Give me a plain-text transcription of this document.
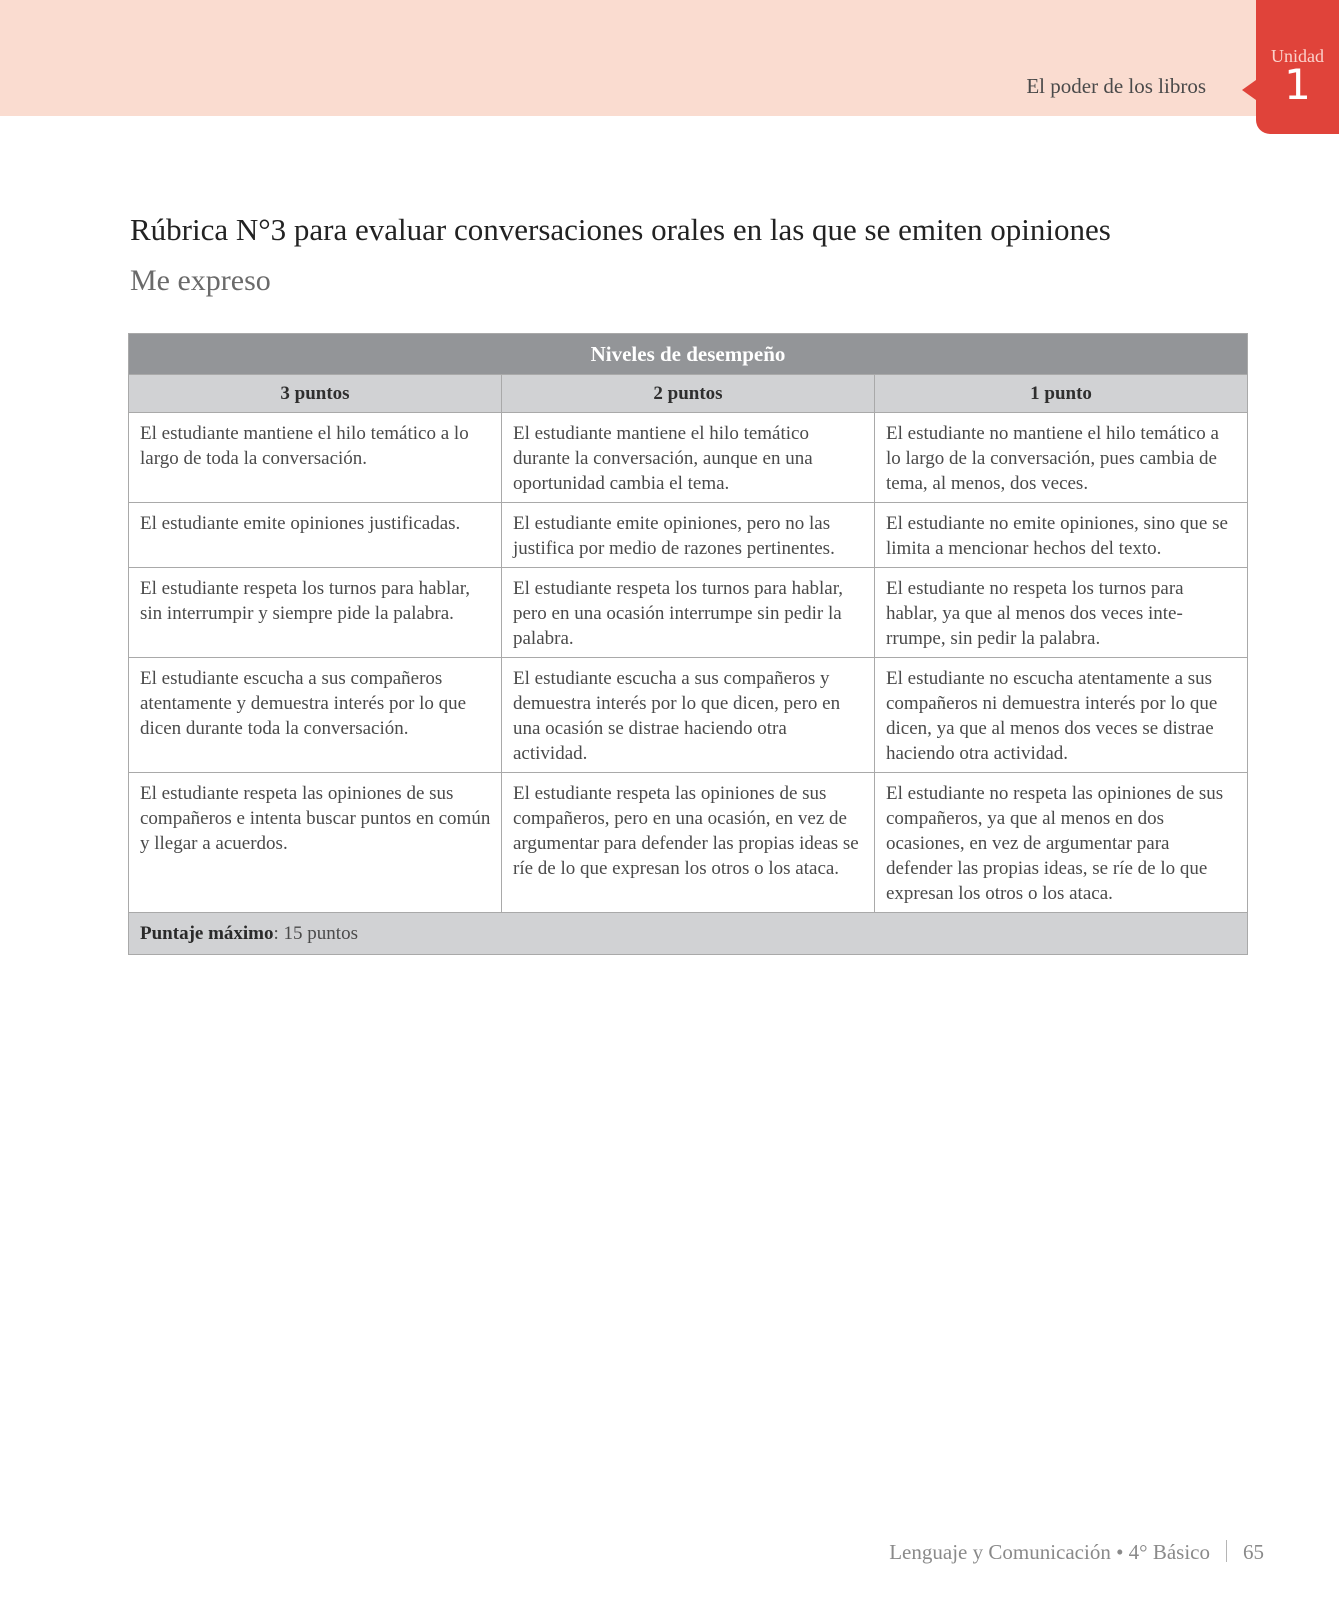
El poder de los libros
Unidad
1
Rúbrica N°3 para evaluar conversaciones orales en las que se emiten opiniones
Me expreso
Niveles de desempeño		
3 puntos	2 puntos	1 punto
El estudiante mantiene el hilo temático a lo largo de toda la conversación.	El estudiante mantiene el hilo temático durante la conversación, aunque en una oportunidad cambia el tema.	El estudiante no mantiene el hilo temático a lo largo de la conversación, pues cambia de tema, al menos, dos veces.
El estudiante emite opiniones justificadas.	El estudiante emite opiniones, pero no las justifica por medio de razones pertinentes.	El estudiante no emite opiniones, sino que se limita a mencionar hechos del texto.
El estudiante respeta los turnos para hablar, sin interrumpir y siempre pide la palabra.	El estudiante respeta los turnos para hablar, pero en una ocasión interrumpe sin pedir la palabra.	El estudiante no respeta los turnos para hablar, ya que al menos dos veces inte-rrumpe, sin pedir la palabra.
El estudiante escucha a sus compañeros atentamente y demuestra interés por lo que dicen durante toda la conversación.	El estudiante escucha a sus compañeros y demuestra interés por lo que dicen, pero en una ocasión se distrae haciendo otra actividad.	El estudiante no escucha atentamente a sus compañeros ni demuestra interés por lo que dicen, ya que al menos dos veces se distrae haciendo otra actividad.
El estudiante respeta las opiniones de sus compañeros e intenta buscar puntos en común y llegar a acuerdos.	El estudiante respeta las opiniones de sus compañeros, pero en una ocasión, en vez de argumentar para defender las propias ideas se ríe de lo que expresan los otros o los ataca.	El estudiante no respeta las opiniones de sus compañeros, ya que al menos en dos ocasiones, en vez de argumentar para defender las propias ideas, se ríe de lo que expresan los otros o los ataca.
Puntaje máximo: 15 puntos		
Lenguaje y Comunicación • 4° Básico 65
